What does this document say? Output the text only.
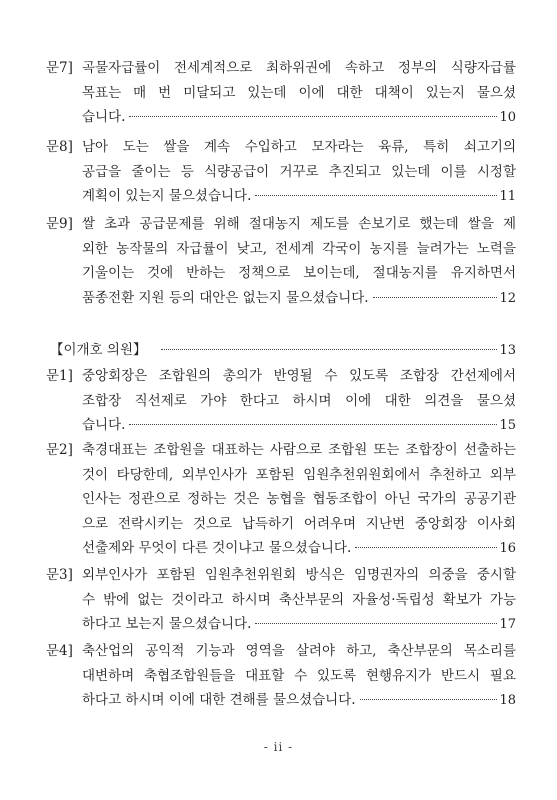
문7] 곡물자급률이 전세계적으로 최하위권에 속하고 정부의 식량자급률
목표는 매 번 미달되고 있는데 이에 대한 대책이 있는지 물으셨
습니다.	10
문8] 남아 도는 쌀을 계속 수입하고 모자라는 육류, 특히 쇠고기의
공급을 줄이는 등 식량공급이 거꾸로 추진되고 있는데 이를 시정할
계획이 있는지 물으셨습니다.	11
문9] 쌀 초과 공급문제를 위해 절대농지 제도를 손보기로 했는데 쌀을 제
외한 농작물의 자급률이 낮고, 전세계 각국이 농지를 늘려가는 노력을
기울이는 것에 반하는 정책으로 보이는데, 절대농지를 유지하면서
품종전환 지원 등의 대안은 없는지 물으셨습니다.	12
【이개호 의원】	13
문1] 중앙회장은 조합원의 총의가 반영될 수 있도록 조합장 간선제에서
조합장 직선제로 가야 한다고 하시며 이에 대한 의견을 물으셨
습니다.	15
문2] 축경대표는 조합원을 대표하는 사람으로 조합원 또는 조합장이 선출하는
것이 타당한데, 외부인사가 포함된 임원추천위원회에서 추천하고 외부
인사는 정관으로 정하는 것은 농협을 협동조합이 아닌 국가의 공공기관
으로 전락시키는 것으로 납득하기 어려우며 지난번 중앙회장 이사회
선출제와 무엇이 다른 것이냐고 물으셨습니다.	16
문3] 외부인사가 포함된 임원추천위원회 방식은 임명권자의 의중을 중시할
수 밖에 없는 것이라고 하시며 축산부문의 자율성·독립성 확보가 가능
하다고 보는지 물으셨습니다.	17
문4] 축산업의 공익적 기능과 영역을 살려야 하고, 축산부문의 목소리를
대변하며 축협조합원들을 대표할 수 있도록 현행유지가 반드시 필요
하다고 하시며 이에 대한 견해를 물으셨습니다.	18
- ii -
